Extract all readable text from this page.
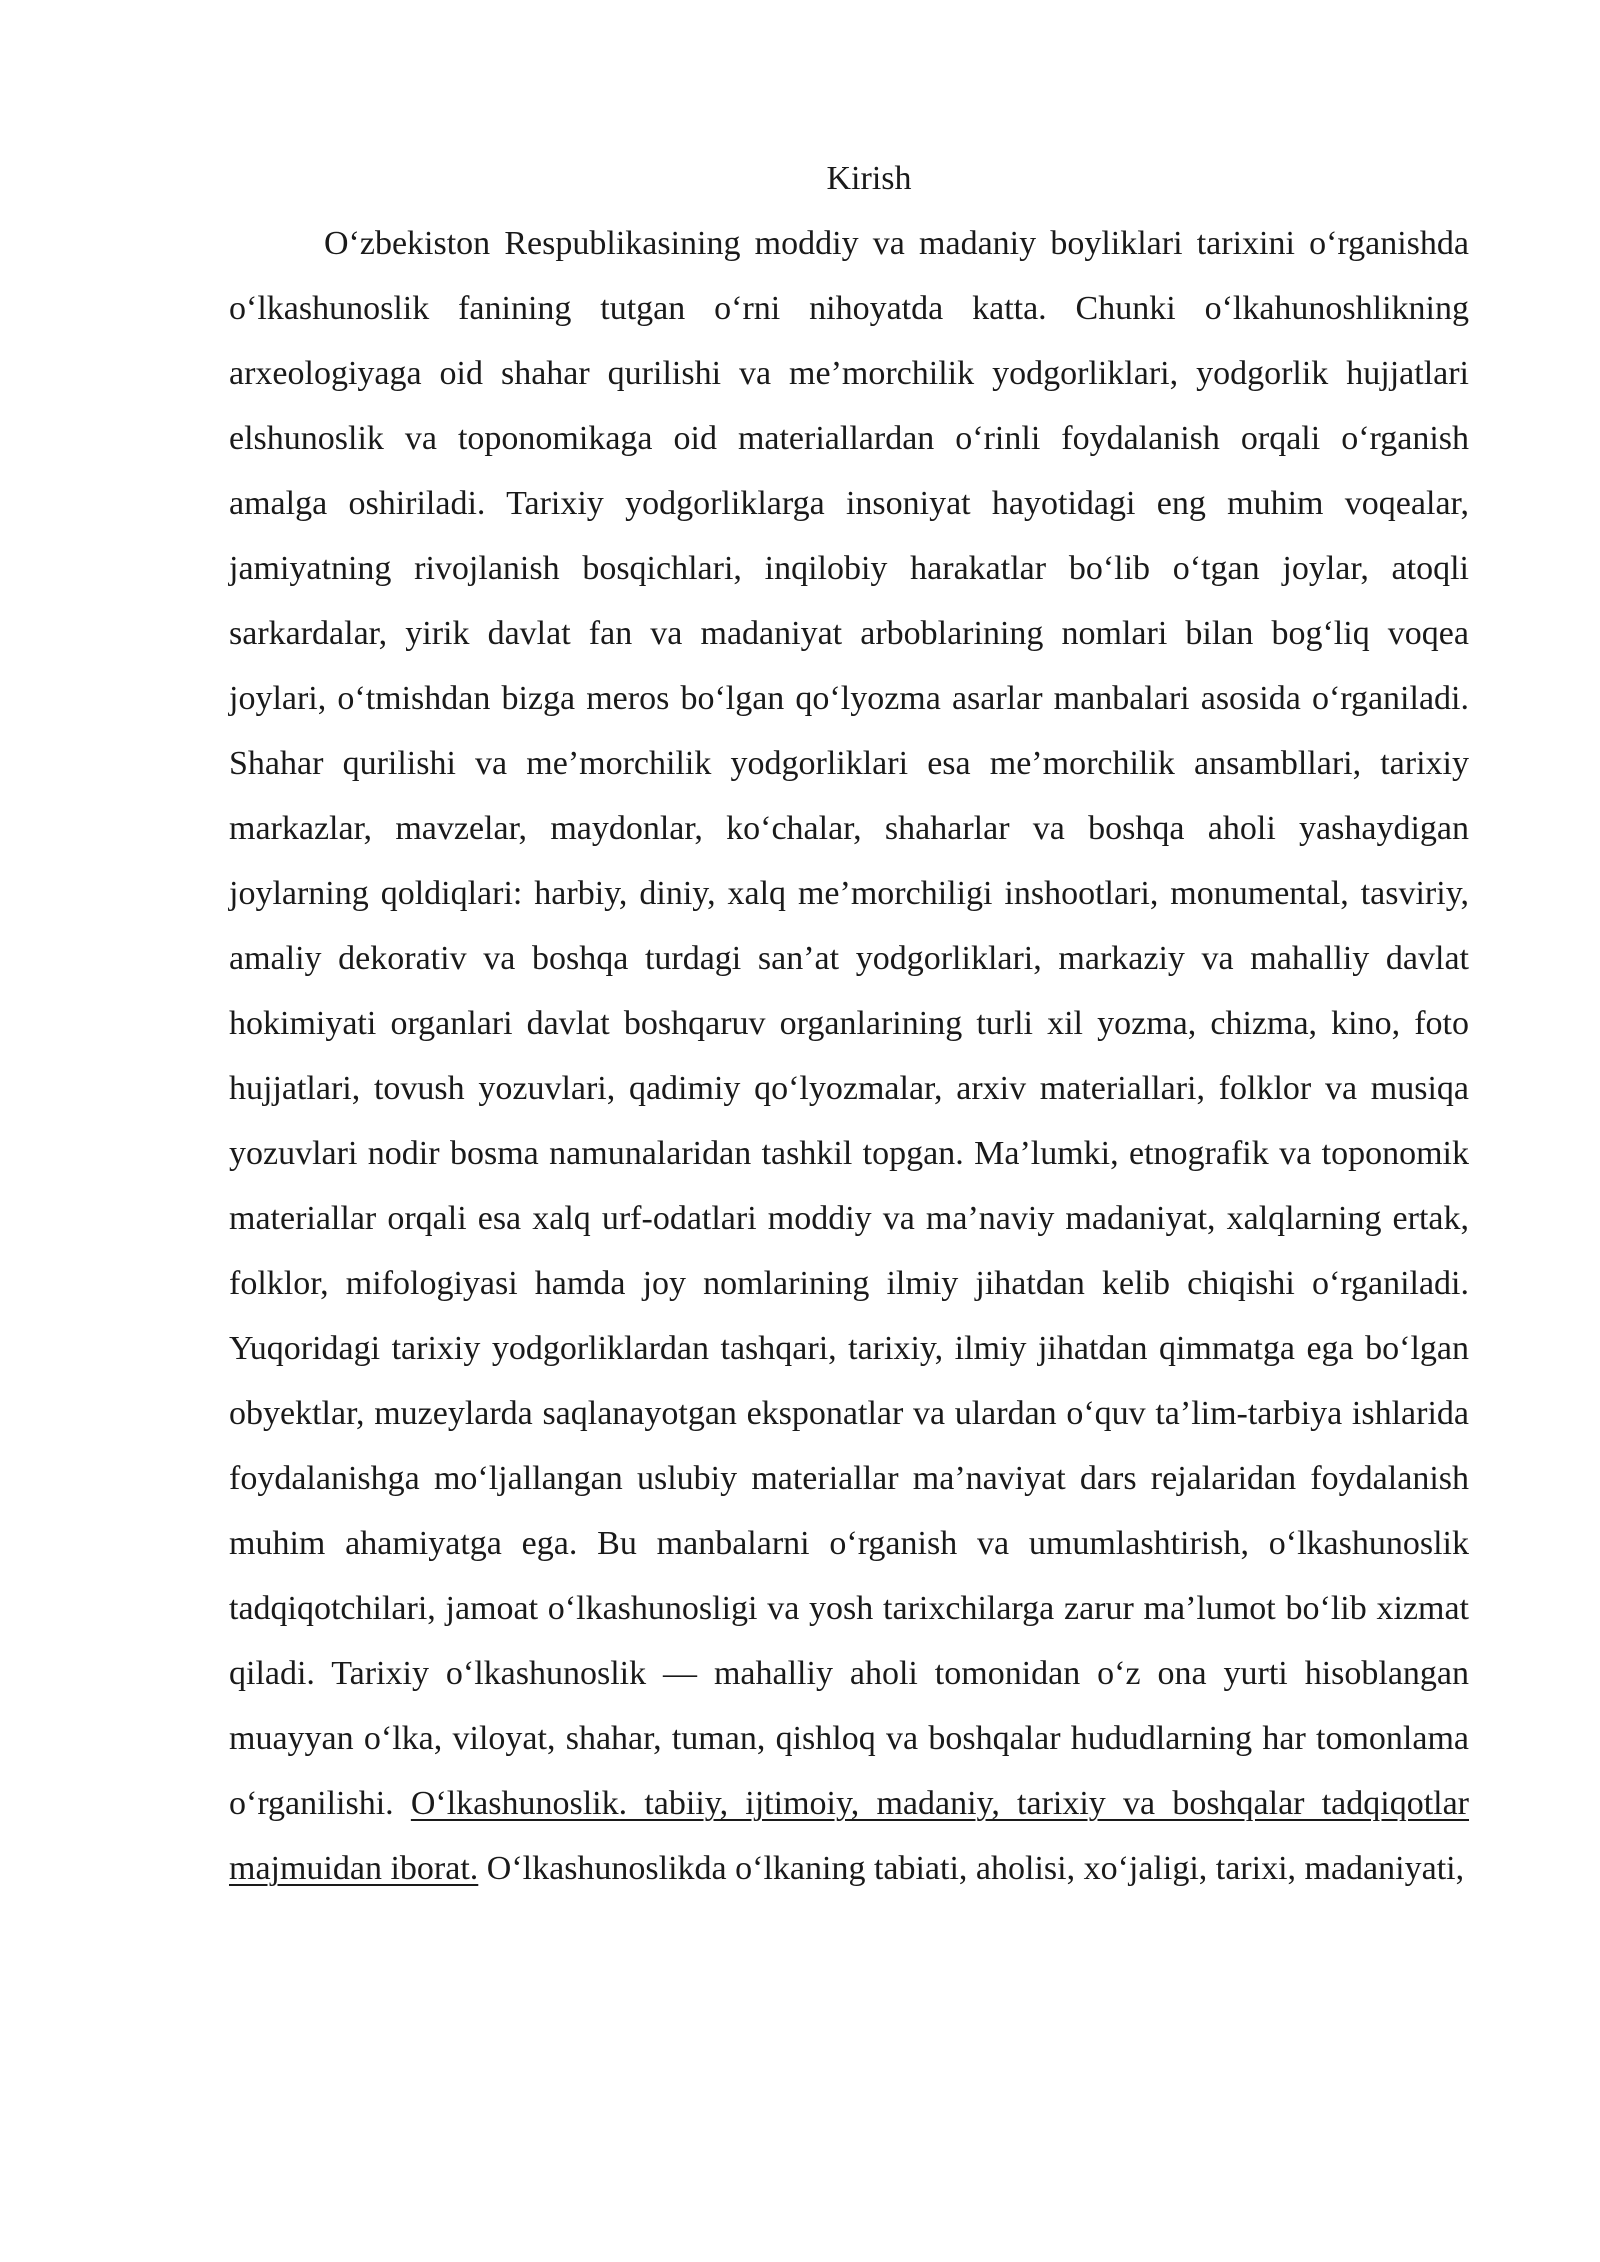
Kirish

O‘zbekiston Respublikasining moddiy va madaniy boyliklari tarixini o‘rganishda o‘lkashunoslik fanining tutgan o‘rni nihoyatda katta. Chunki o‘lkahunoshlikning arxeologiyaga oid shahar qurilishi va me’morchilik yodgorliklari, yodgorlik hujjatlari elshunoslik va toponomikaga oid materiallardan o‘rinli foydalanish orqali o‘rganish amalga oshiriladi. Tarixiy yodgorliklarga insoniyat hayotidagi eng muhim voqealar, jamiyatning rivojlanish bosqichlari, inqilobiy harakatlar bo‘lib o‘tgan joylar, atoqli sarkardalar, yirik davlat fan va madaniyat arboblarining nomlari bilan bog‘liq voqea joylari, o‘tmishdan bizga meros bo‘lgan qo‘lyozma asarlar manbalari asosida o‘rganiladi. Shahar qurilishi va me’morchilik yodgorliklari esa me’morchilik ansambllari, tarixiy markazlar, mavzelar, maydonlar, ko‘chalar, shaharlar va boshqa aholi yashaydigan joylarning qoldiqlari: harbiy, diniy, xalq me’morchiligi inshootlari, monumental, tasviriy, amaliy dekorativ va boshqa turdagi san’at yodgorliklari, markaziy va mahalliy davlat hokimiyati organlari davlat boshqaruv organlarining turli xil yozma, chizma, kino, foto hujjatlari, tovush yozuvlari, qadimiy qo‘lyozmalar, arxiv materiallari, folklor va musiqa yozuvlari nodir bosma namunalaridan tashkil topgan. Ma’lumki, etnografik va toponomik materiallar orqali esa xalq urf-odatlari moddiy va ma’naviy madaniyat, xalqlarning ertak, folklor, mifologiyasi hamda joy nomlarining ilmiy jihatdan kelib chiqishi o‘rganiladi. Yuqoridagi tarixiy yodgorliklardan tashqari, tarixiy, ilmiy jihatdan qimmatga ega bo‘lgan obyektlar, muzeylarda saqlanayotgan eksponatlar va ulardan o‘quv ta’lim-tarbiya ishlarida foydalanishga mo‘ljallangan uslubiy materiallar ma’naviyat dars rejalaridan foydalanish muhim ahamiyatga ega. Bu manbalarni o‘rganish va umumlashtirish, o‘lkashunoslik tadqiqotchilari, jamoat o‘lkashunosligi va yosh tarixchilarga zarur ma’lumot bo‘lib xizmat qiladi. Tarixiy o‘lkashunoslik — mahalliy aholi tomonidan o‘z ona yurti hisoblangan muayyan o‘lka, viloyat, shahar, tuman, qishloq va boshqalar hududlarning har tomonlama o‘rganilishi. O‘lkashunoslik. tabiiy, ijtimoiy, madaniy, tarixiy va boshqalar tadqiqotlar majmuidan iborat. O‘lkashunoslikda o‘lkaning tabiati, aholisi, xo‘jaligi, tarixi, madaniyati,
